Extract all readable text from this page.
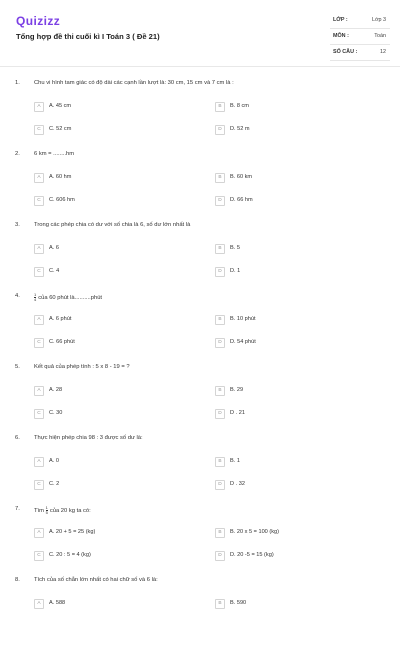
Quizizz
Tổng hợp đề thi cuối kì I Toán 3 ( Đề 21)
LỚP :	Lớp 3
MÔN :	Toán
SỐ CÂU :	12
1. Chu vi hình tam giác có độ dài các cạnh lần lượt là: 30 cm, 15 cm và 7 cm là :
A	A. 45 cm	B	B. 8 cm
C	C. 52 cm	D	D. 52 m
2. 6 km = ........hm
A	A. 60 hm	B	B. 60 km
C	C. 606 hm	D	D. 66 hm
3. Trong các phép chia có dư với số chia là 6, số dư lớn nhất là
A	A. 6	B	B. 5
C	C. 4	D	D. 1
4.	$\frac{1}{4}$ của 60 phút là..........phút
A	A. 6 phút	B	B. 10 phút
C	C. 66 phút	D	D. 54 phút
5. Kết quả của phép tính : 5 x 8 - 19 = ?
A	A. 28	B	B. 29
C	C. 30	D	D . 21
6. Thực hiện phép chia 98 : 3 được số dư là:
A	A. 0	B	B. 1
C	C. 2	D	D . 32
7. Tìm $\frac{1}{5}$ của 20 kg ta có:
A	A. 20 + 5 = 25 (kg)	B	B. 20 x 5 = 100 (kg)
C	C. 20 : 5 = 4 (kg)	D	D. 20 -5 = 15 (kg)
8. Tích của số chẵn lớn nhất có hai chữ số và 6 là:
A	A. 588	B	B. 590
